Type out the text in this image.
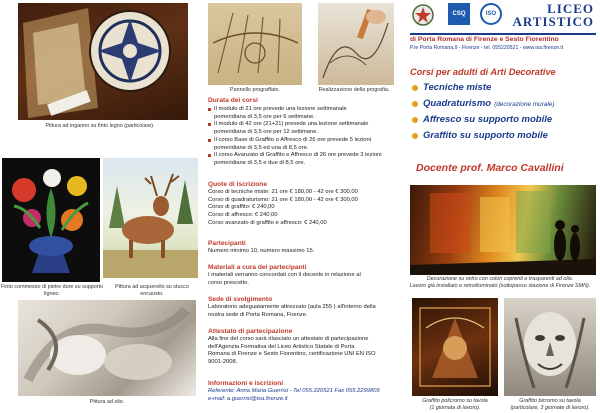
Pittura ad inganno su finto legno (particolare).
Finto commesso di pietre dure su supporto ligneo.
Pittura ad acquerello su stucco encausto.
Pittura ad olio.
Pannello prograffato.	Realizzazione della prografia.
Durata dei corsi
Il modulo di 21 ore prevede una lezione settimanale
pomeridiana di 3,5 ore per 6 settimane.
Il modulo di 42 ore (21+21) prevede una lezione settimanale
pomeridiana di 3,5 ore per 12 settimane.
Il corso Base di Graffito o Affresco di 26 ore prevede 5 lezioni
pomeridiane di 3,5 ed una di 8,5 ore.
Il corso Avanzato di Graffito e Affresco di 26 ore prevede 3 lezioni
pomeridiane di 3,5 e due di 8,5 ore.
Quote di iscrizione
Corso di tecniche miste: 21 ore € 180,00 - 42 ore € 300,00
Corso di quadraturismo: 21 ore € 180,00 - 42 ore € 300,00
Corso di graffito: € 240,00
Corso di affresco: € 240,00
Corso avanzato di graffito e affresco: € 240,00
Partecipanti
Numero minimo 10, numero massimo 15.
Materiali a cura dei partecipanti
I materiali verranno concordati con il docente in relazione al
corso prescelto.
Sede di svolgimento
Laboratorio adeguatamente attrezzato (aula 255 ) all'interno della
nostra sede di Porta Romana, Firenze.
Attestato di partecipazione
Alla fine del corso sarà rilasciato un attestato di partecipazione
dell'Agenzia Formativa del Liceo Artistico Statale di Porta
Romana di Firenze e Sesto Fiorentino, certificazione UNI EN ISO
9001-2008.
Informazioni e iscrizioni
Referente: Anna Maria Guerrisi - Tel 055.220521 Fax 055.2299809
e-mail: a.guerrisi@isa.firenze.it
CSQ	ISO	LICEO
ARTISTICO
di Porta Romana di Firenze e Sesto Fiorentino
P.le Porta Romana,9 - Firenze - tel. 055220521 - www.isa.firenze.it
Corsi per adulti di Arti Decorative
Tecniche miste
Quadraturismo (decorazione murale)
Affresco su supporto mobile
Graffito su supporto mobile
Docente prof. Marco Cavallini
Decorazione su vetro con colori coprenti e trasparenti ad olio.
Lavoro già installato e retroilluminato (sottopasso stazione di Firenze SMN).
Graffito policromo su tavola
(1 giornata di lavoro).
Graffito bicromo su tavola
(particolare, 3 giornate di lavoro).
